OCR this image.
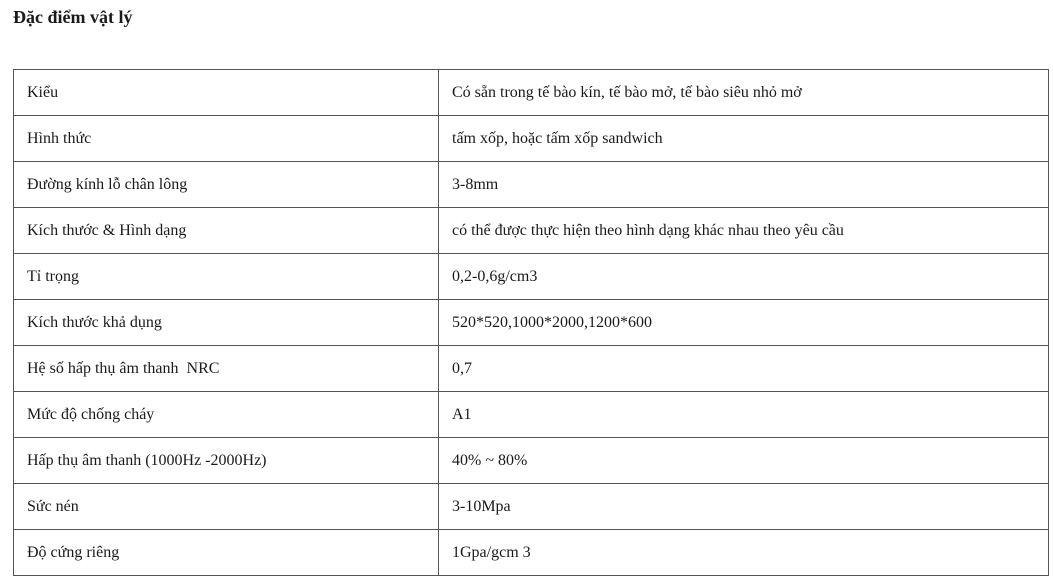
Đặc điểm vật lý
Kiểu	Có sẵn trong tế bào kín, tế bào mở, tế bào siêu nhỏ mở
Hình thức	tấm xốp, hoặc tấm xốp sandwich
Đường kính lỗ chân lông	3-8mm
Kích thước & Hình dạng	có thể được thực hiện theo hình dạng khác nhau theo yêu cầu
Tỉ trọng	0,2-0,6g/cm3
Kích thước khả dụng	520*520,1000*2000,1200*600
Hệ số hấp thụ âm thanh  NRC	0,7
Mức độ chống cháy	A1
Hấp thụ âm thanh (1000Hz -2000Hz)	40% ~ 80%
Sức nén	3-10Mpa
Độ cứng riêng	1Gpa/gcm 3
